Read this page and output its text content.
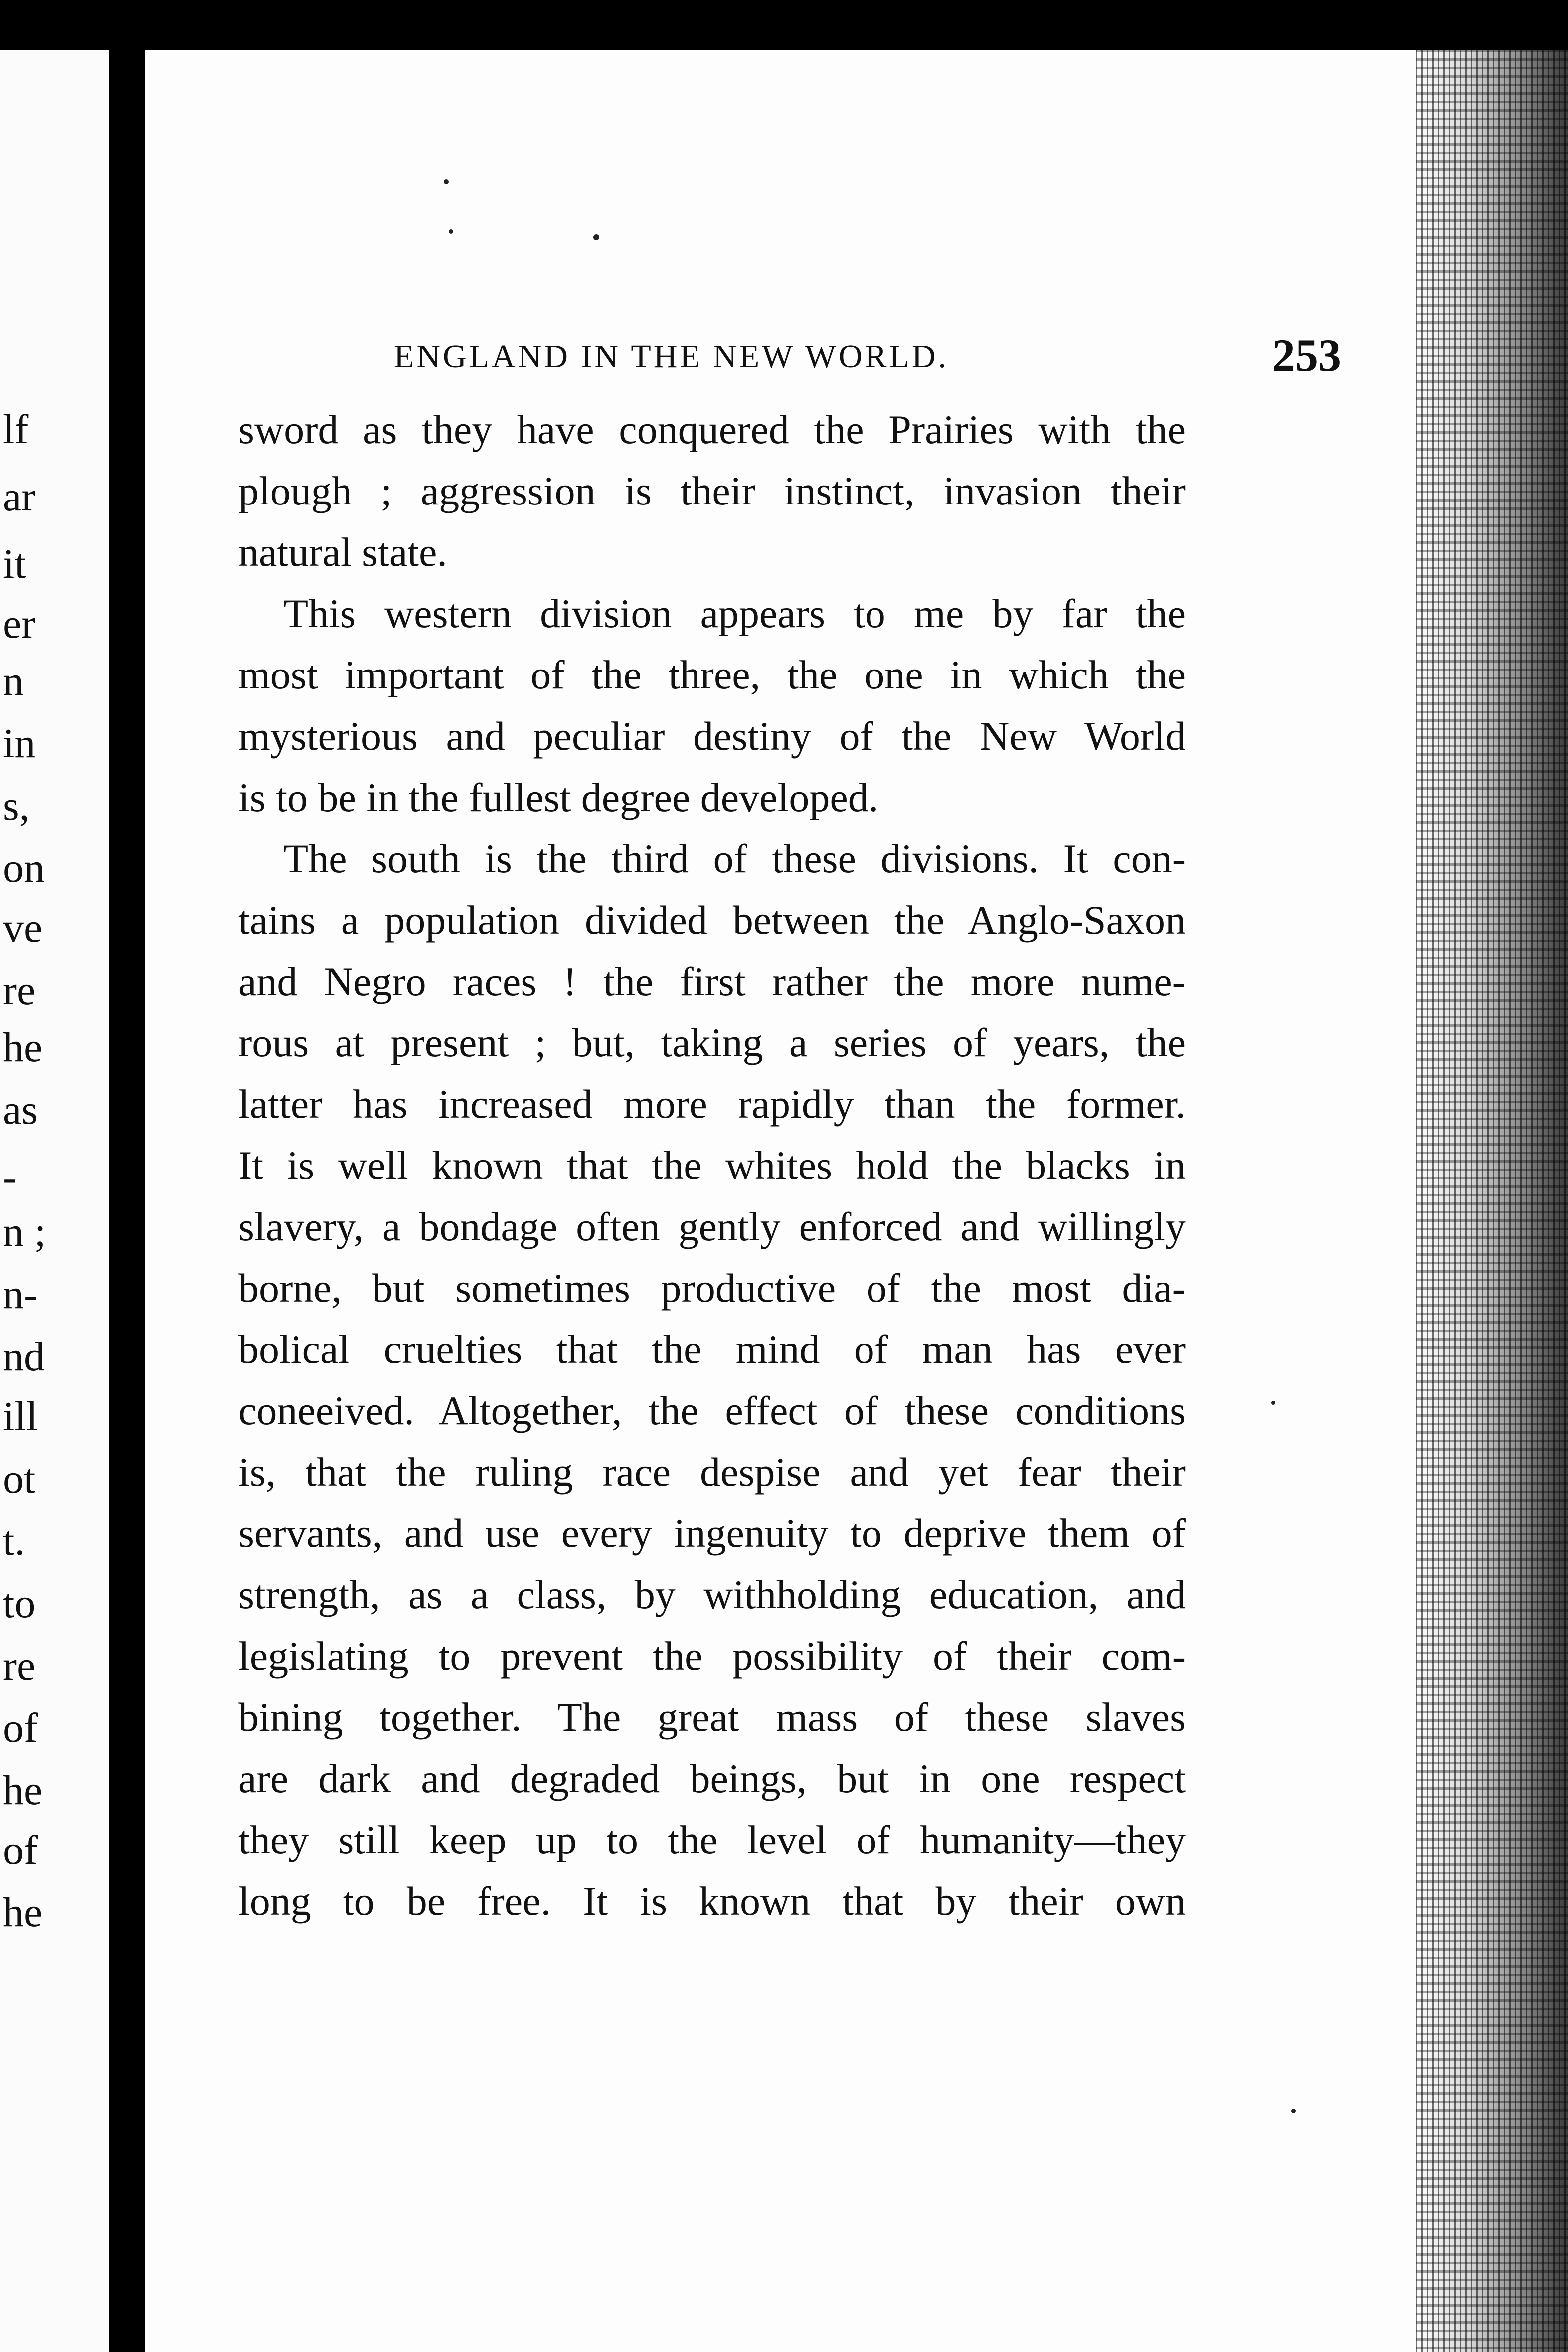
lf
ar
it
er
n
in
s,
on
ve
re
he
as
-
n ;
n-
nd
ill
ot
t.
to
re
of
he
of
he
ENGLAND IN THE NEW WORLD.	253
sword as they have conquered the Prairies with the
plough ; aggression is their instinct, invasion their
natural state.
This western division appears to me by far the
most important of the three, the one in which the
mysterious and peculiar destiny of the New World
is to be in the fullest degree developed.
The south is the third of these divisions. It con-
tains a population divided between the Anglo-Saxon
and Negro races ! the first rather the more nume-
rous at present ; but, taking a series of years, the
latter has increased more rapidly than the former.
It is well known that the whites hold the blacks in
slavery, a bondage often gently enforced and willingly
borne, but sometimes productive of the most dia-
bolical cruelties that the mind of man has ever
coneeived. Altogether, the effect of these conditions
is, that the ruling race despise and yet fear their
servants, and use every ingenuity to deprive them of
strength, as a class, by withholding education, and
legislating to prevent the possibility of their com-
bining together. The great mass of these slaves
are dark and degraded beings, but in one respect
they still keep up to the level of humanity—they
long to be free. It is known that by their own
